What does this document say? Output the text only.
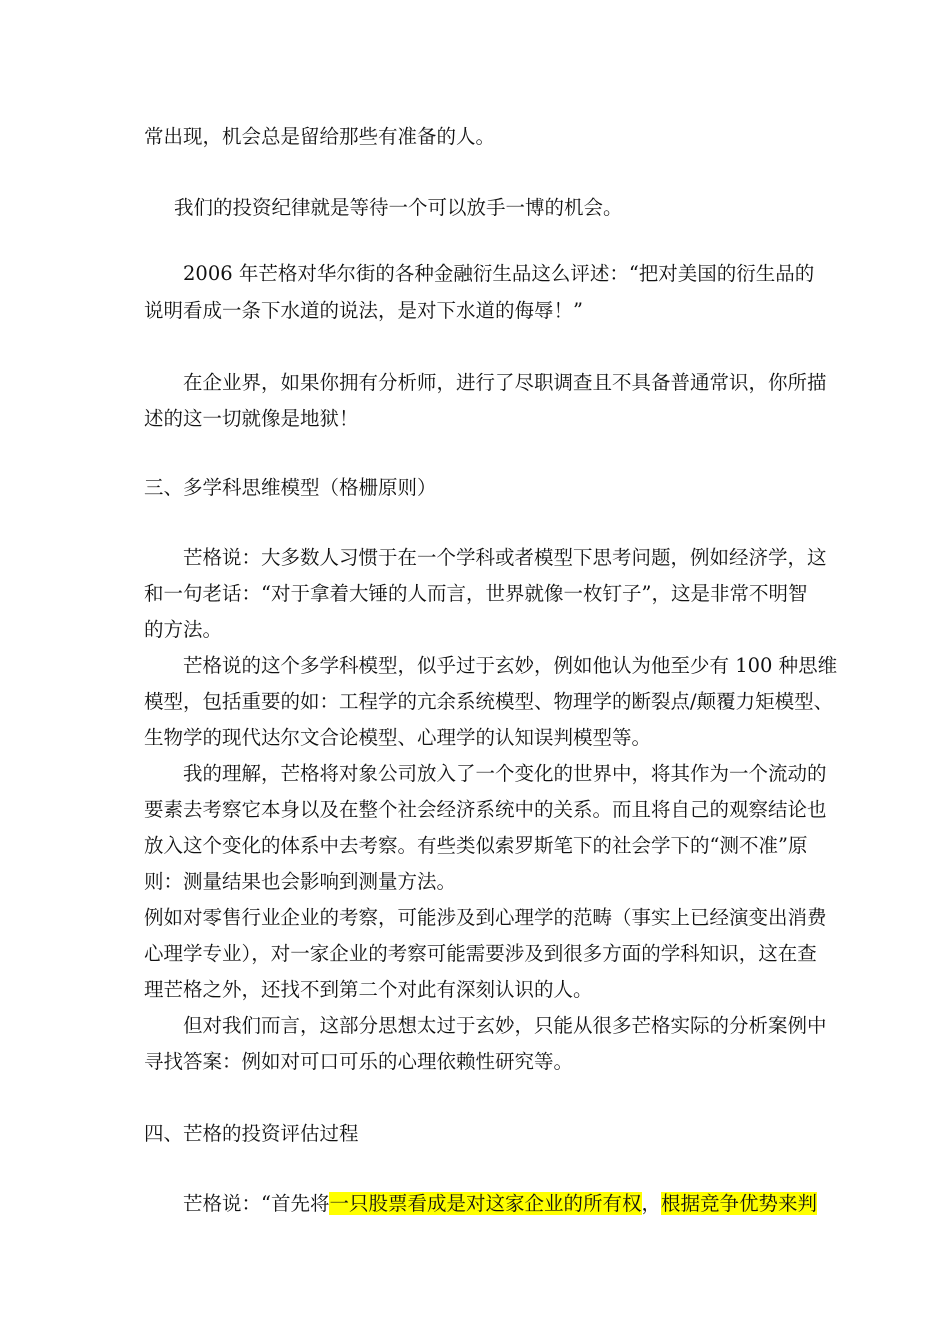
常出现，机会总是留给那些有准备的人。
我们的投资纪律就是等待一个可以放手一博的机会。
2006 年芒格对华尔街的各种金融衍生品这么评述：“把对美国的衍生品的
说明看成一条下水道的说法，是对下水道的侮辱！”
在企业界，如果你拥有分析师，进行了尽职调查且不具备普通常识，你所描
述的这一切就像是地狱！
三、多学科思维模型（格栅原则）
芒格说：大多数人习惯于在一个学科或者模型下思考问题，例如经济学，这
和一句老话：“对于拿着大锤的人而言，世界就像一枚钉子”，这是非常不明智
的方法。
芒格说的这个多学科模型，似乎过于玄妙，例如他认为他至少有 100 种思维
模型，包括重要的如：工程学的亢余系统模型、物理学的断裂点/颠覆力矩模型、
生物学的现代达尔文合论模型、心理学的认知误判模型等。
我的理解，芒格将对象公司放入了一个变化的世界中，将其作为一个流动的
要素去考察它本身以及在整个社会经济系统中的关系。而且将自己的观察结论也
放入这个变化的体系中去考察。有些类似索罗斯笔下的社会学下的“测不准”原
则：测量结果也会影响到测量方法。
例如对零售行业企业的考察，可能涉及到心理学的范畴（事实上已经演变出消费
心理学专业），对一家企业的考察可能需要涉及到很多方面的学科知识，这在查
理芒格之外，还找不到第二个对此有深刻认识的人。
但对我们而言，这部分思想太过于玄妙，只能从很多芒格实际的分析案例中
寻找答案：例如对可口可乐的心理依赖性研究等。
四、芒格的投资评估过程
芒格说：“首先将一只股票看成是对这家企业的所有权，根据竞争优势来判
